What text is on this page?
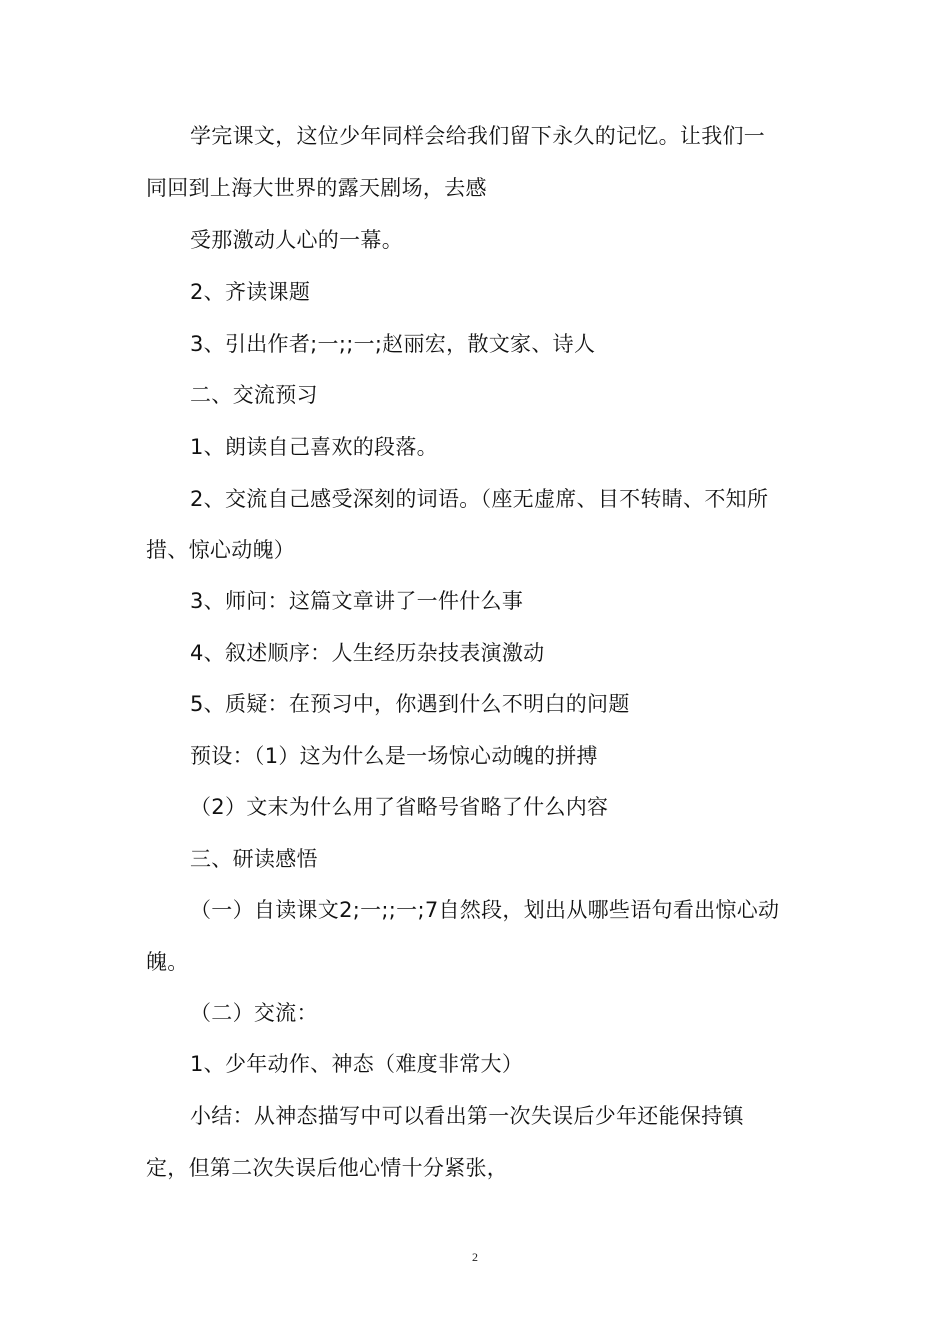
学完课文，这位少年同样会给我们留下永久的记忆。让我们一
同回到上海大世界的露天剧场，去感
受那激动人心的一幕。
2、齐读课题
3、引出作者;一;;一;赵丽宏，散文家、诗人
二、交流预习
1、朗读自己喜欢的段落。
2、交流自己感受深刻的词语。（座无虚席、目不转睛、不知所
措、惊心动魄）
3、师问：这篇文章讲了一件什么事
4、叙述顺序：人生经历杂技表演激动
5、质疑：在预习中，你遇到什么不明白的问题
预设：（1）这为什么是一场惊心动魄的拼搏
（2）文末为什么用了省略号省略了什么内容
三、研读感悟
（一）自读课文2;一;;一;7自然段，划出从哪些语句看出惊心动
魄。
（二）交流：
1、少年动作、神态（难度非常大）
小结：从神态描写中可以看出第一次失误后少年还能保持镇
定，但第二次失误后他心情十分紧张，
2
